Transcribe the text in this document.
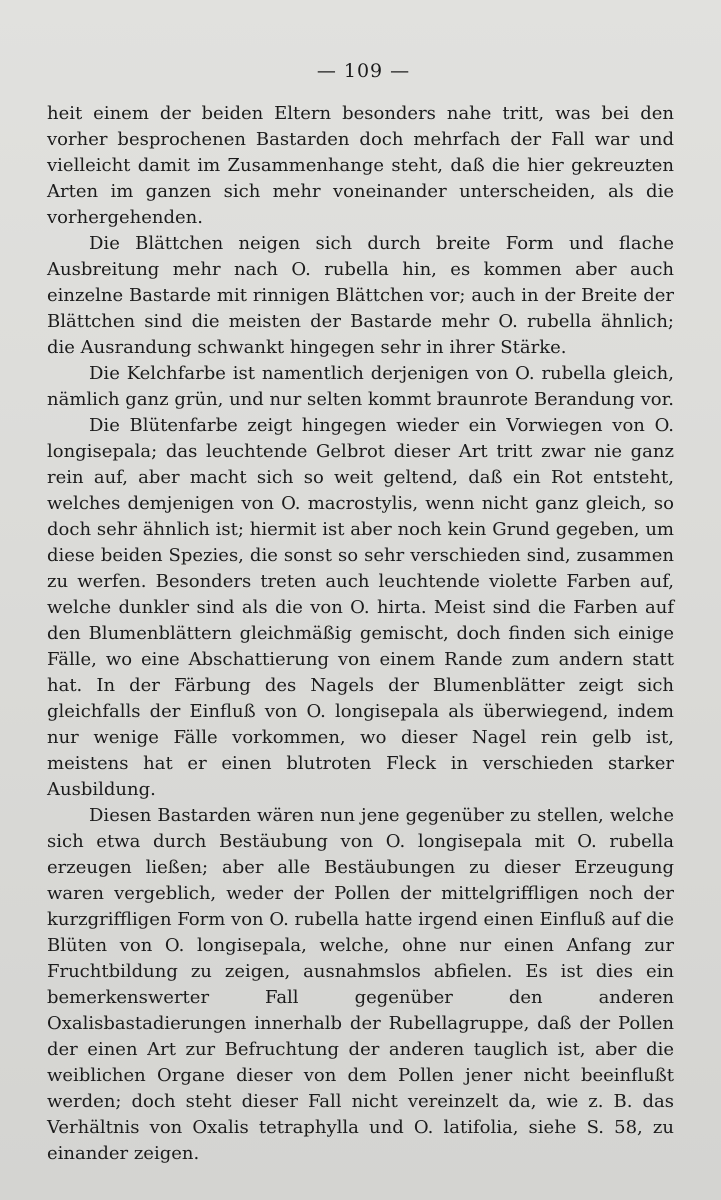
— 109 —

heit einem der beiden Eltern besonders nahe tritt, was bei den vorher besprochenen Bastarden doch mehrfach der Fall war und vielleicht damit im Zusammenhange steht, daß die hier gekreuzten Arten im ganzen sich mehr voneinander unterscheiden, als die vorhergehenden.

Die Blättchen neigen sich durch breite Form und flache Ausbreitung mehr nach O. rubella hin, es kommen aber auch einzelne Bastarde mit rinnigen Blättchen vor; auch in der Breite der Blättchen sind die meisten der Bastarde mehr O. rubella ähnlich; die Ausrandung schwankt hingegen sehr in ihrer Stärke.

Die Kelchfarbe ist namentlich derjenigen von O. rubella gleich, nämlich ganz grün, und nur selten kommt braunrote Berandung vor.

Die Blütenfarbe zeigt hingegen wieder ein Vorwiegen von O. longisepala; das leuchtende Gelbrot dieser Art tritt zwar nie ganz rein auf, aber macht sich so weit geltend, daß ein Rot entsteht, welches demjenigen von O. macrostylis, wenn nicht ganz gleich, so doch sehr ähnlich ist; hiermit ist aber noch kein Grund gegeben, um diese beiden Spezies, die sonst so sehr verschieden sind, zusammen zu werfen. Besonders treten auch leuchtende violette Farben auf, welche dunkler sind als die von O. hirta. Meist sind die Farben auf den Blumenblättern gleichmäßig gemischt, doch finden sich einige Fälle, wo eine Abschattierung von einem Rande zum andern statt hat. In der Färbung des Nagels der Blumenblätter zeigt sich gleichfalls der Einfluß von O. longisepala als überwiegend, indem nur wenige Fälle vorkommen, wo dieser Nagel rein gelb ist, meistens hat er einen blutroten Fleck in verschieden starker Ausbildung.

Diesen Bastarden wären nun jene gegenüber zu stellen, welche sich etwa durch Bestäubung von O. longisepala mit O. rubella erzeugen ließen; aber alle Bestäubungen zu dieser Erzeugung waren vergeblich, weder der Pollen der mittelgriffligen noch der kurzgriffligen Form von O. rubella hatte irgend einen Einfluß auf die Blüten von O. longisepala, welche, ohne nur einen Anfang zur Fruchtbildung zu zeigen, ausnahmslos abfielen. Es ist dies ein bemerkenswerter Fall gegenüber den anderen Oxalisbastadierungen innerhalb der Rubellagruppe, daß der Pollen der einen Art zur Befruchtung der anderen tauglich ist, aber die weiblichen Organe dieser von dem Pollen jener nicht beeinflußt werden; doch steht dieser Fall nicht vereinzelt da, wie z. B. das Verhältnis von Oxalis tetraphylla und O. latifolia, siehe S. 58, zu einander zeigen.
